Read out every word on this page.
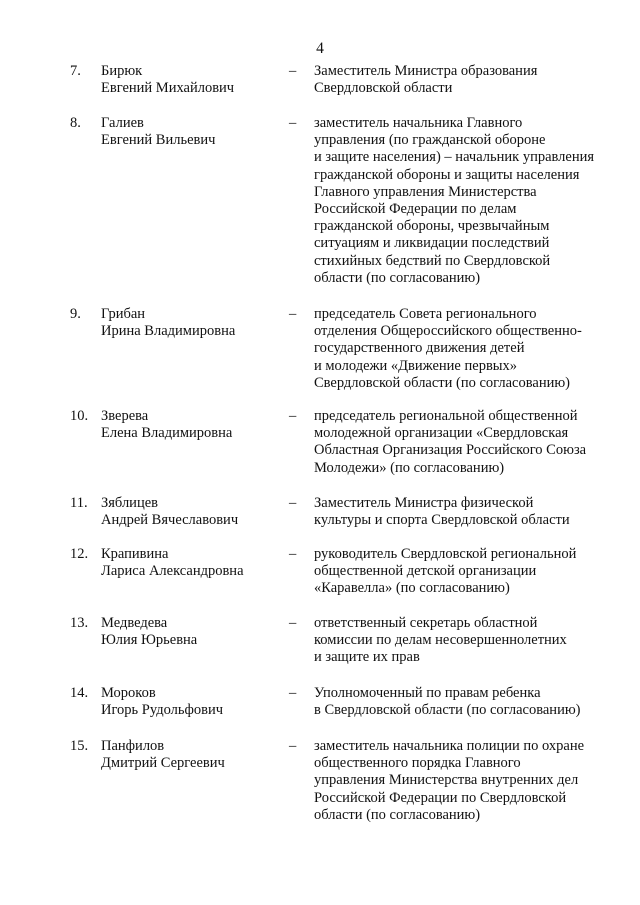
4
7.	Бирюк
Евгений Михайлович
–	Заместитель Министра образования
Свердловской области
8.	Галиев
Евгений Вильевич
–	заместитель начальника Главного
управления (по гражданской обороне
и защите населения) – начальник управления
гражданской обороны и защиты населения
Главного управления Министерства
Российской Федерации по делам
гражданской обороны, чрезвычайным
ситуациям и ликвидации последствий
стихийных бедствий по Свердловской
области (по согласованию)
9.	Грибан
Ирина Владимировна
–	председатель Совета регионального
отделения Общероссийского общественно-
государственного движения детей
и молодежи «Движение первых»
Свердловской области (по согласованию)
10. Зверева
Елена Владимировна
–	председатель региональной общественной
молодежной организации «Свердловская
Областная Организация Российского Союза
Молодежи» (по согласованию)
11. Зяблицев
Андрей Вячеславович
–	Заместитель Министра физической
культуры и спорта Свердловской области
12. Крапивина
Лариса Александровна
–	руководитель Свердловской региональной
общественной детской организации
«Каравелла» (по согласованию)
13. Медведева
Юлия Юрьевна
–	ответственный секретарь областной
комиссии по делам несовершеннолетних
и защите их прав
14. Мороков
Игорь Рудольфович
–	Уполномоченный по правам ребенка
в Свердловской области (по согласованию)
15. Панфилов
Дмитрий Сергеевич
–	заместитель начальника полиции по охране
общественного порядка Главного
управления Министерства внутренних дел
Российской Федерации по Свердловской
области (по согласованию)
